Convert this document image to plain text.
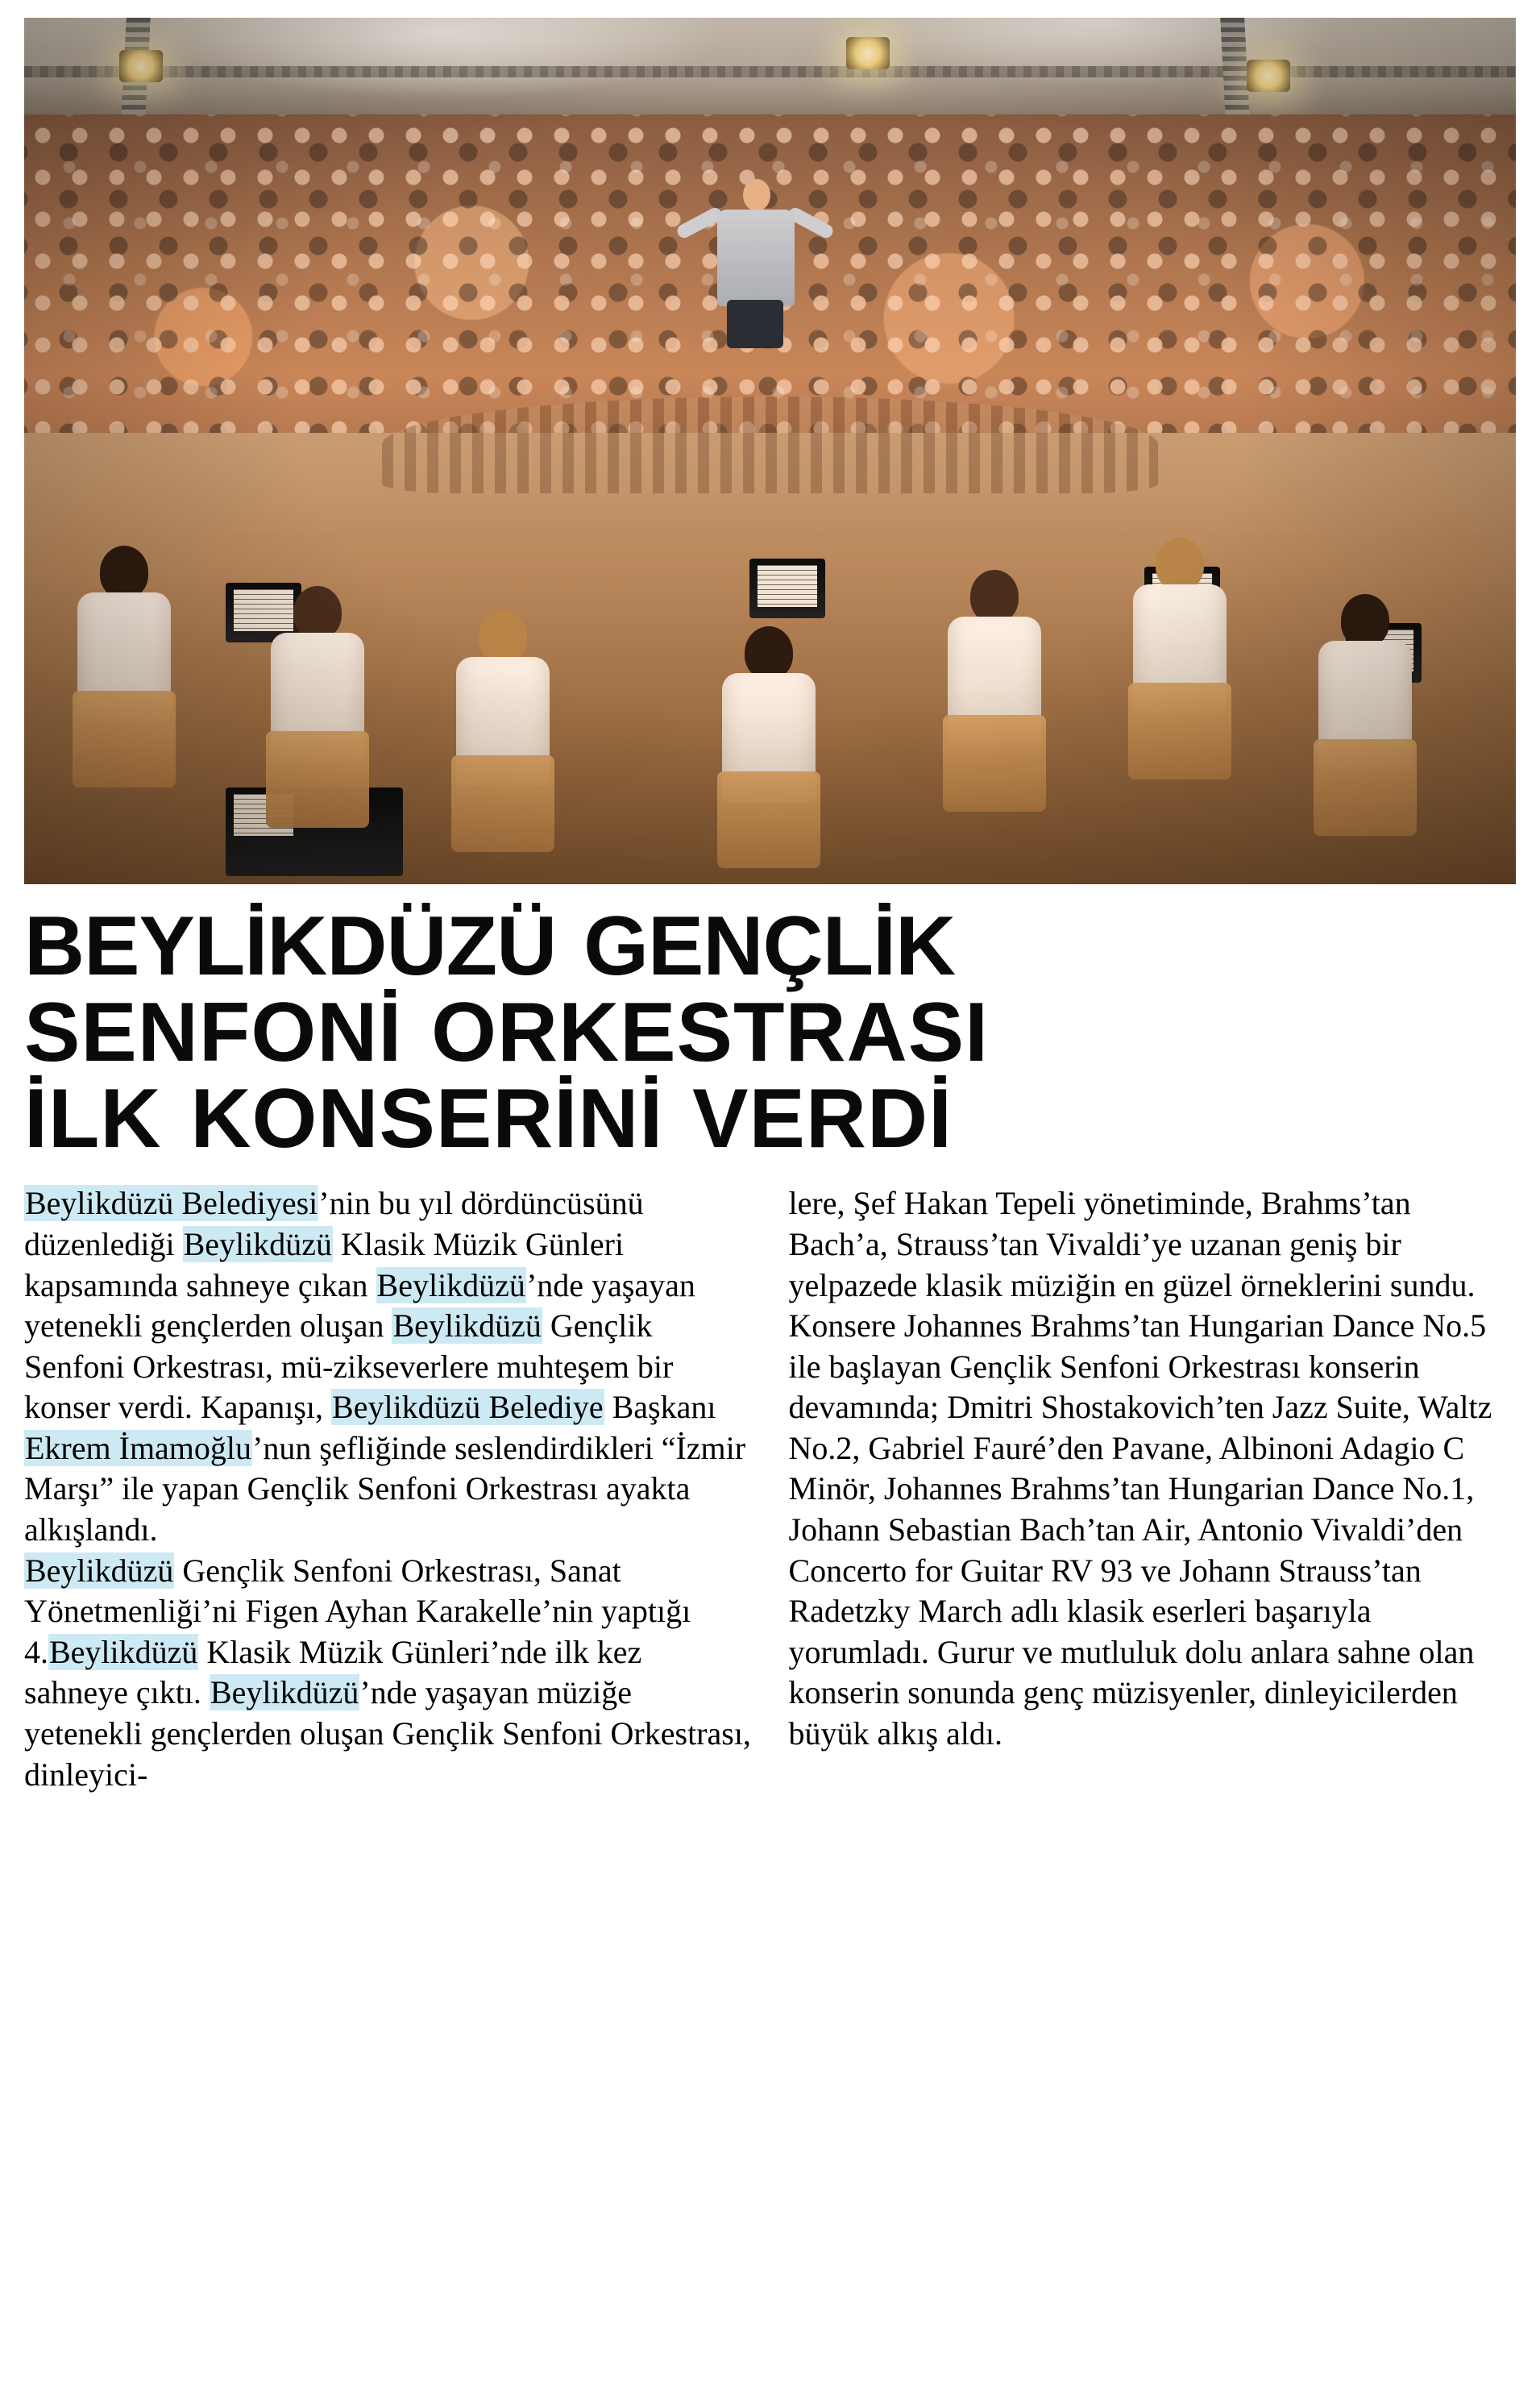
BEYLİKDÜZÜ GENÇLİK
SENFONİ ORKESTRASI
İLK KONSERİNİ VERDİ

Beylikdüzü Belediyesi’nin bu yıl dördüncüsünü düzenlediği Beylikdüzü Klasik Müzik Günleri kapsamında sahneye çıkan Beylikdüzü’nde yaşayan yetenekli gençlerden oluşan Beylikdüzü Gençlik Senfoni Orkestrası, mü-zikseverlere muhteşem bir konser verdi. Kapanışı, Beylikdüzü Belediye Başkanı Ekrem İmamoğlu’nun şefliğinde seslendirdikleri “İzmir Marşı” ile yapan Gençlik Senfoni Orkestrası ayakta alkışlandı.

Beylikdüzü Gençlik Senfoni Orkestrası, Sanat Yönetmenliği’ni Figen Ayhan Karakelle’nin yaptığı 4.Beylikdüzü Klasik Müzik Günleri’nde ilk kez sahneye çıktı. Beylikdüzü’nde yaşayan müziğe yetenekli gençlerden oluşan Gençlik Senfoni Orkestrası, dinleyici-

lere, Şef Hakan Tepeli yönetiminde, Brahms’tan Bach’a, Strauss’tan Vivaldi’ye uzanan geniş bir yelpazede klasik müziğin en güzel örneklerini sundu. Konsere Johannes Brahms’tan Hungarian Dance No.5 ile başlayan Gençlik Senfoni Orkestrası konserin devamında; Dmitri Shostakovich’ten Jazz Suite, Waltz No.2, Gabriel Fauré’den Pavane, Albinoni Adagio C Minör, Johannes Brahms’tan Hungarian Dance No.1, Johann Sebastian Bach’tan Air, Antonio Vivaldi’den Concerto for Guitar RV 93 ve Johann Strauss’tan Radetzky March adlı klasik eserleri başarıyla yorumladı. Gurur ve mutluluk dolu anlara sahne olan konserin sonunda genç müzisyenler, dinleyicilerden büyük alkış aldı.
